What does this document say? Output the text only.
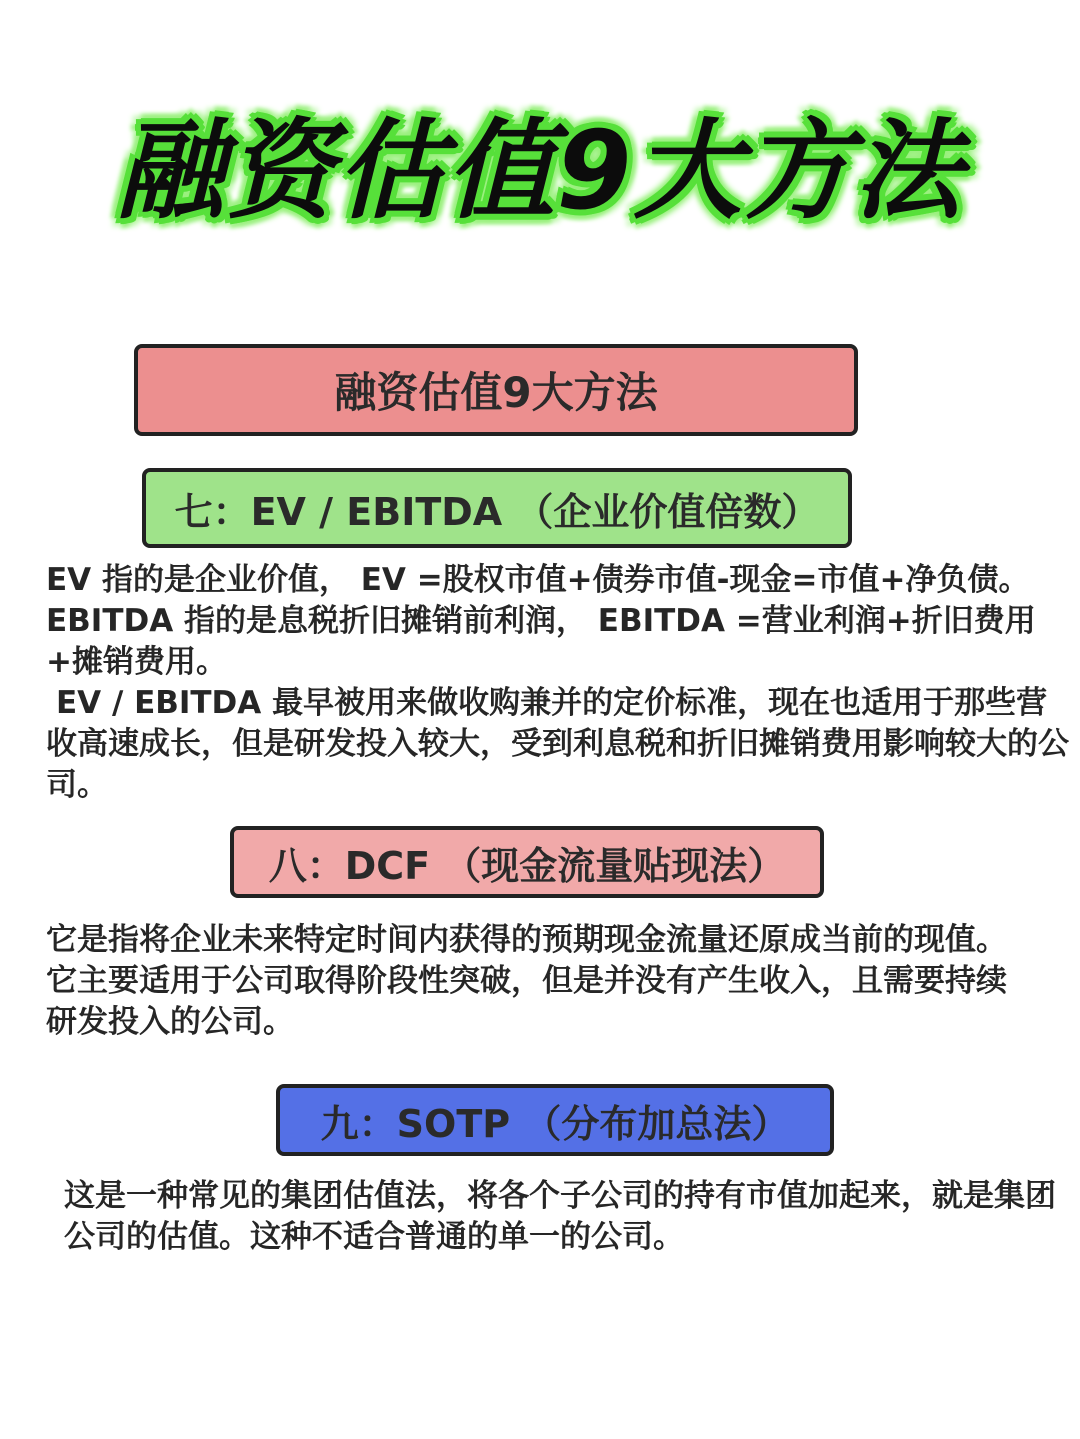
融资估值9大方法
融资估值9大方法
七：EV / EBITDA （企业价值倍数）

EV 指的是企业价值， EV =股权市值+债券市值-现金=市值+净负债。 EBITDA 指的是息税折旧摊销前利润， EBITDA =营业利润+折旧费用+摊销费用。

EV / EBITDA 最早被用来做收购兼并的定价标准，现在也适用于那些营收高速成长，但是研发投入较大，受到利息税和折旧摊销费用影响较大的公司。

八：DCF （现金流量贴现法）

它是指将企业未来特定时间内获得的预期现金流量还原成当前的现值。它主要适用于公司取得阶段性突破，但是并没有产生收入，且需要持续研发投入的公司。

九：SOTP （分布加总法）

这是一种常见的集团估值法，将各个子公司的持有市值加起来，就是集团公司的估值。这种不适合普通的单一的公司。
